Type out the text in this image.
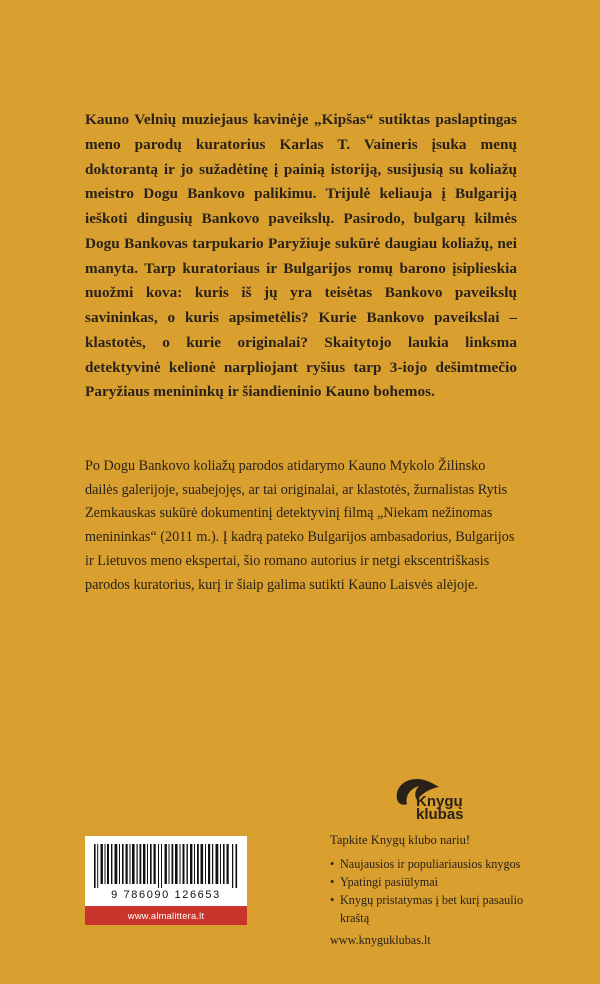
Kauno Velnių muziejaus kavinėje „Kipšas“ sutiktas paslaptingas meno parodų kuratorius Karlas T. Vaineris įsuka menų doktorantą ir jo sužadėtinę į painią istoriją, susijusią su koliažų meistro Dogu Bankovo palikimu. Trijulė keliauja į Bulgariją ieškoti dingusių Bankovo paveikslų. Pasirodo, bulgarų kilmės Dogu Bankovas tarpukario Paryžiuje sukūrė daugiau koliažų, nei manyta. Tarp kuratoriaus ir Bulgarijos romų barono įsiplieskia nuožmi kova: kuris iš jų yra teisėtas Bankovo paveikslų savininkas, o kuris apsimetėlis? Kurie Bankovo paveikslai – klastotės, o kurie originalai? Skaitytojo laukia linksma detektyvinė kelionė narpliojant ryšius tarp 3-iojo dešimtmečio Paryžiaus menininkų ir šiandieninio Kauno bohemos.

Po Dogu Bankovo koliažų parodos atidarymo Kauno Mykolo Žilinsko dailės galerijoje, suabejojęs, ar tai originalai, ar klastotės, žurnalistas Rytis Zemkauskas sukūrė dokumentinį detektyvinį filmą „Niekam nežinomas menininkas“ (2011 m.). Į kadrą pateko Bulgarijos ambasadorius, Bulgarijos ir Lietuvos meno ekspertai, šio romano autorius ir netgi ekscentriškasis parodos kuratorius, kurį ir šiaip galima sutikti Kauno Laisvės alėjoje.

9 786090 126653
www.almalittera.lt
Knygų
klubas
Tapkite Knygų klubo nariu!
• Naujausios ir populiariausios knygos
• Ypatingi pasiūlymai
• Knygų pristatymas į bet kurį pasaulio kraštą
www.knyguklubas.lt
